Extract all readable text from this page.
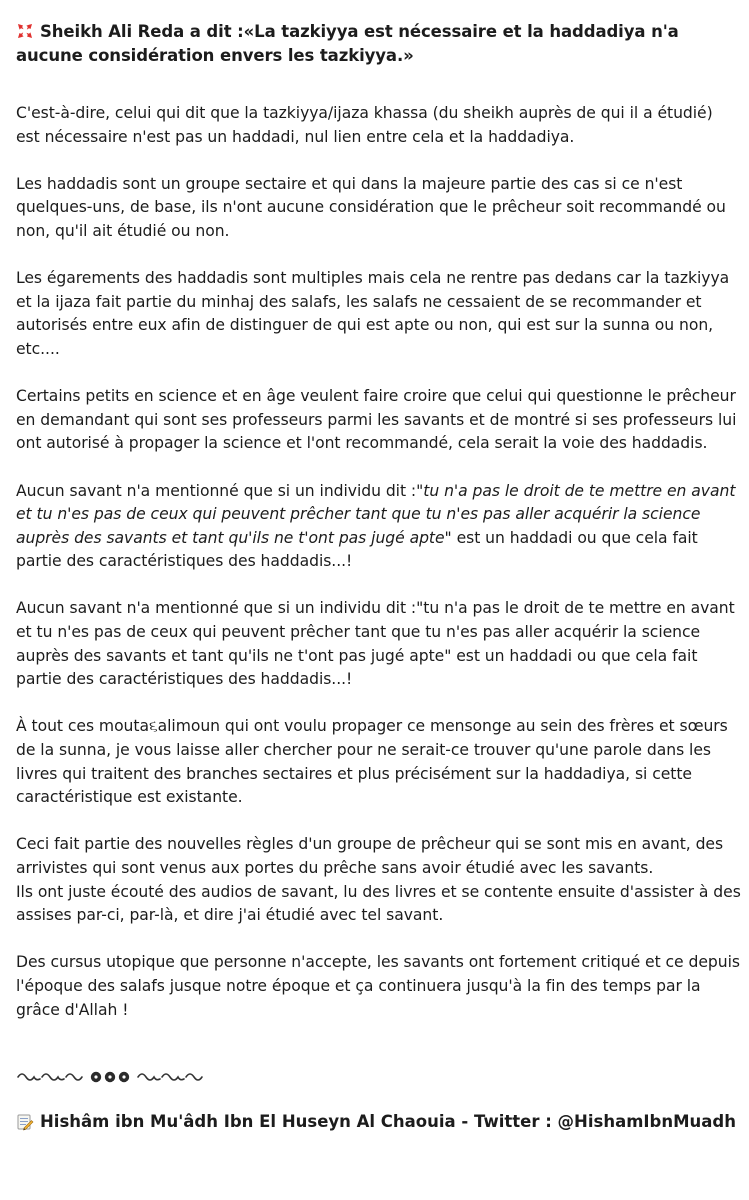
Sheikh Ali Reda a dit :«La tazkiyya est nécessaire et la haddadiya n'a aucune considération envers les tazkiyya.»

C'est-à-dire, celui qui dit que la tazkiyya/ijaza khassa (du sheikh auprès de qui il a étudié) est nécessaire n'est pas un haddadi, nul lien entre cela et la haddadiya.

Les haddadis sont un groupe sectaire et qui dans la majeure partie des cas si ce n'est quelques-uns, de base, ils n'ont aucune considération que le prêcheur soit recommandé ou non, qu'il ait étudié ou non.

Les égarements des haddadis sont multiples mais cela ne rentre pas dedans car la tazkiyya et la ijaza fait partie du minhaj des salafs, les salafs ne cessaient de se recommander et autorisés entre eux afin de distinguer de qui est apte ou non, qui est sur la sunna ou non, etc....

Certains petits en science et en âge veulent faire croire que celui qui questionne le prêcheur en demandant qui sont ses professeurs parmi les savants et de montré si ses professeurs lui ont autorisé à propager la science et l'ont recommandé, cela serait la voie des haddadis.

Aucun savant n'a mentionné que si un individu dit :"tu n'a pas le droit de te mettre en avant et tu n'es pas de ceux qui peuvent prêcher tant que tu n'es pas aller acquérir la science auprès des savants et tant qu'ils ne t'ont pas jugé apte" est un haddadi ou que cela fait partie des caractéristiques des haddadis...!

Aucun savant n'a mentionné que si un individu dit :"tu n'a pas le droit de te mettre en avant et tu n'es pas de ceux qui peuvent prêcher tant que tu n'es pas aller acquérir la science auprès des savants et tant qu'ils ne t'ont pas jugé apte" est un haddadi ou que cela fait partie des caractéristiques des haddadis...!

À tout ces mouta૬alimoun qui ont voulu propager ce mensonge au sein des frères et sœurs de la sunna, je vous laisse aller chercher pour ne serait-ce trouver qu'une parole dans les livres qui traitent des branches sectaires et plus précisément sur la haddadiya, si cette caractéristique est existante.

Ceci fait partie des nouvelles règles d'un groupe de prêcheur qui se sont mis en avant, des arrivistes qui sont venus aux portes du prêche sans avoir étudié avec les savants.
Ils ont juste écouté des audios de savant, lu des livres et se contente ensuite d'assister à des assises par-ci, par-là, et dire j'ai étudié avec tel savant.

Des cursus utopique que personne n'accepte, les savants ont fortement critiqué et ce depuis l'époque des salafs jusque notre époque et ça continuera jusqu'à la fin des temps par la grâce d'Allah !

Hishâm ibn Mu'âdh Ibn El Huseyn Al Chaouia - Twitter : @HishamIbnMuadh
